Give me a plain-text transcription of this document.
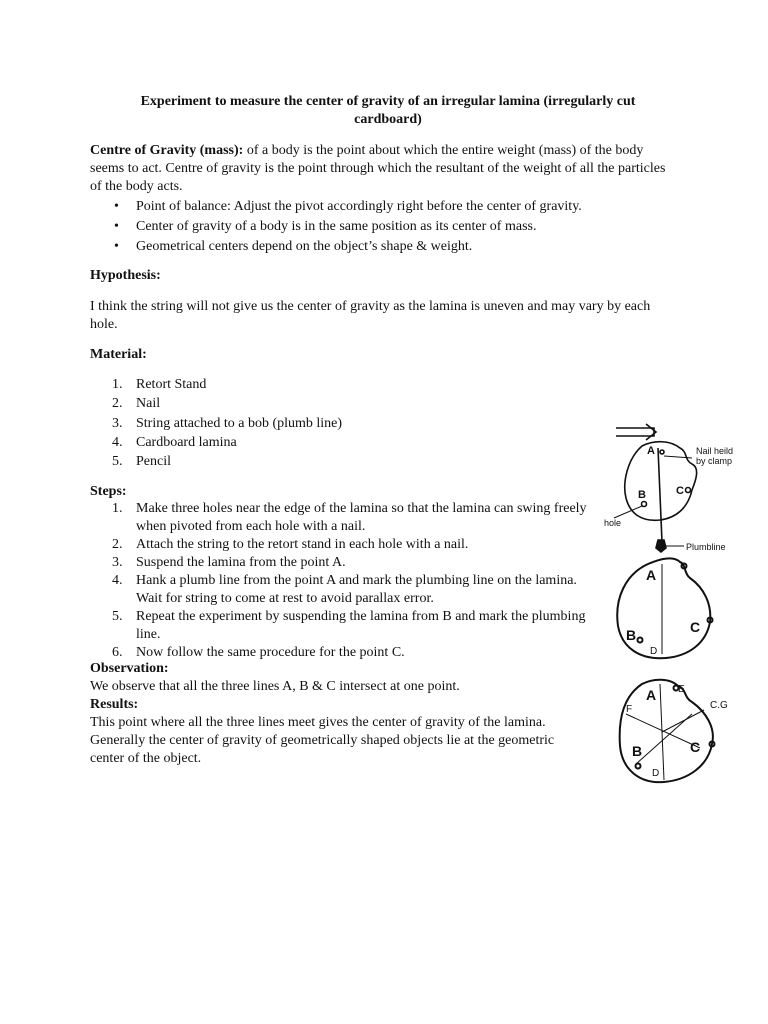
Experiment to measure the center of gravity of an irregular lamina (irregularly cut cardboard)
Centre of Gravity (mass): of a body is the point about which the entire weight (mass) of the body seems to act. Centre of gravity is the point through which the resultant of the weight of all the particles of the body acts.
• Point of balance: Adjust the pivot accordingly right before the center of gravity.
• Center of gravity of a body is in the same position as its center of mass.
• Geometrical centers depend on the object’s shape & weight.
Hypothesis:
I think the string will not give us the center of gravity as the lamina is uneven and may vary by each hole.
Material:
1. Retort Stand
2. Nail
3. String attached to a bob (plumb line)
4. Cardboard lamina
5. Pencil
Steps:
1. Make three holes near the edge of the lamina so that the lamina can swing freely when pivoted from each hole with a nail.
2. Attach the string to the retort stand in each hole with a nail.
3. Suspend the lamina from the point A.
4. Hank a plumb line from the point A and mark the plumbing line on the lamina. Wait for string to come at rest to avoid parallax error.
5. Repeat the experiment by suspending the lamina from B and mark the plumbing line.
6. Now follow the same procedure for the point C.
Observation:
We observe that all the three lines A, B & C intersect at one point.
Results:
This point where all the three lines meet gives the center of gravity of the lamina. Generally the center of gravity of geometrically shaped objects lie at the geometric center of the object.
A
B	C
Nail heild
by clamp
hole
Plumbline
A
B	C
D
A
B	C
D
E
F	C.G
